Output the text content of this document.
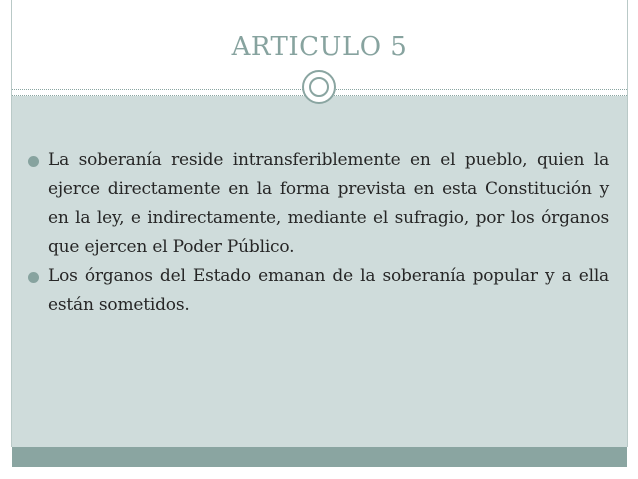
ARTICULO 5
La soberanía reside intransferiblemente en el pueblo, quien la ejerce directamente en la forma prevista en esta Constitución y en la ley, e indirectamente, mediante el sufragio, por los órganos que ejercen el Poder Público.
Los órganos del Estado emanan de la soberanía popular y a ella están sometidos.
